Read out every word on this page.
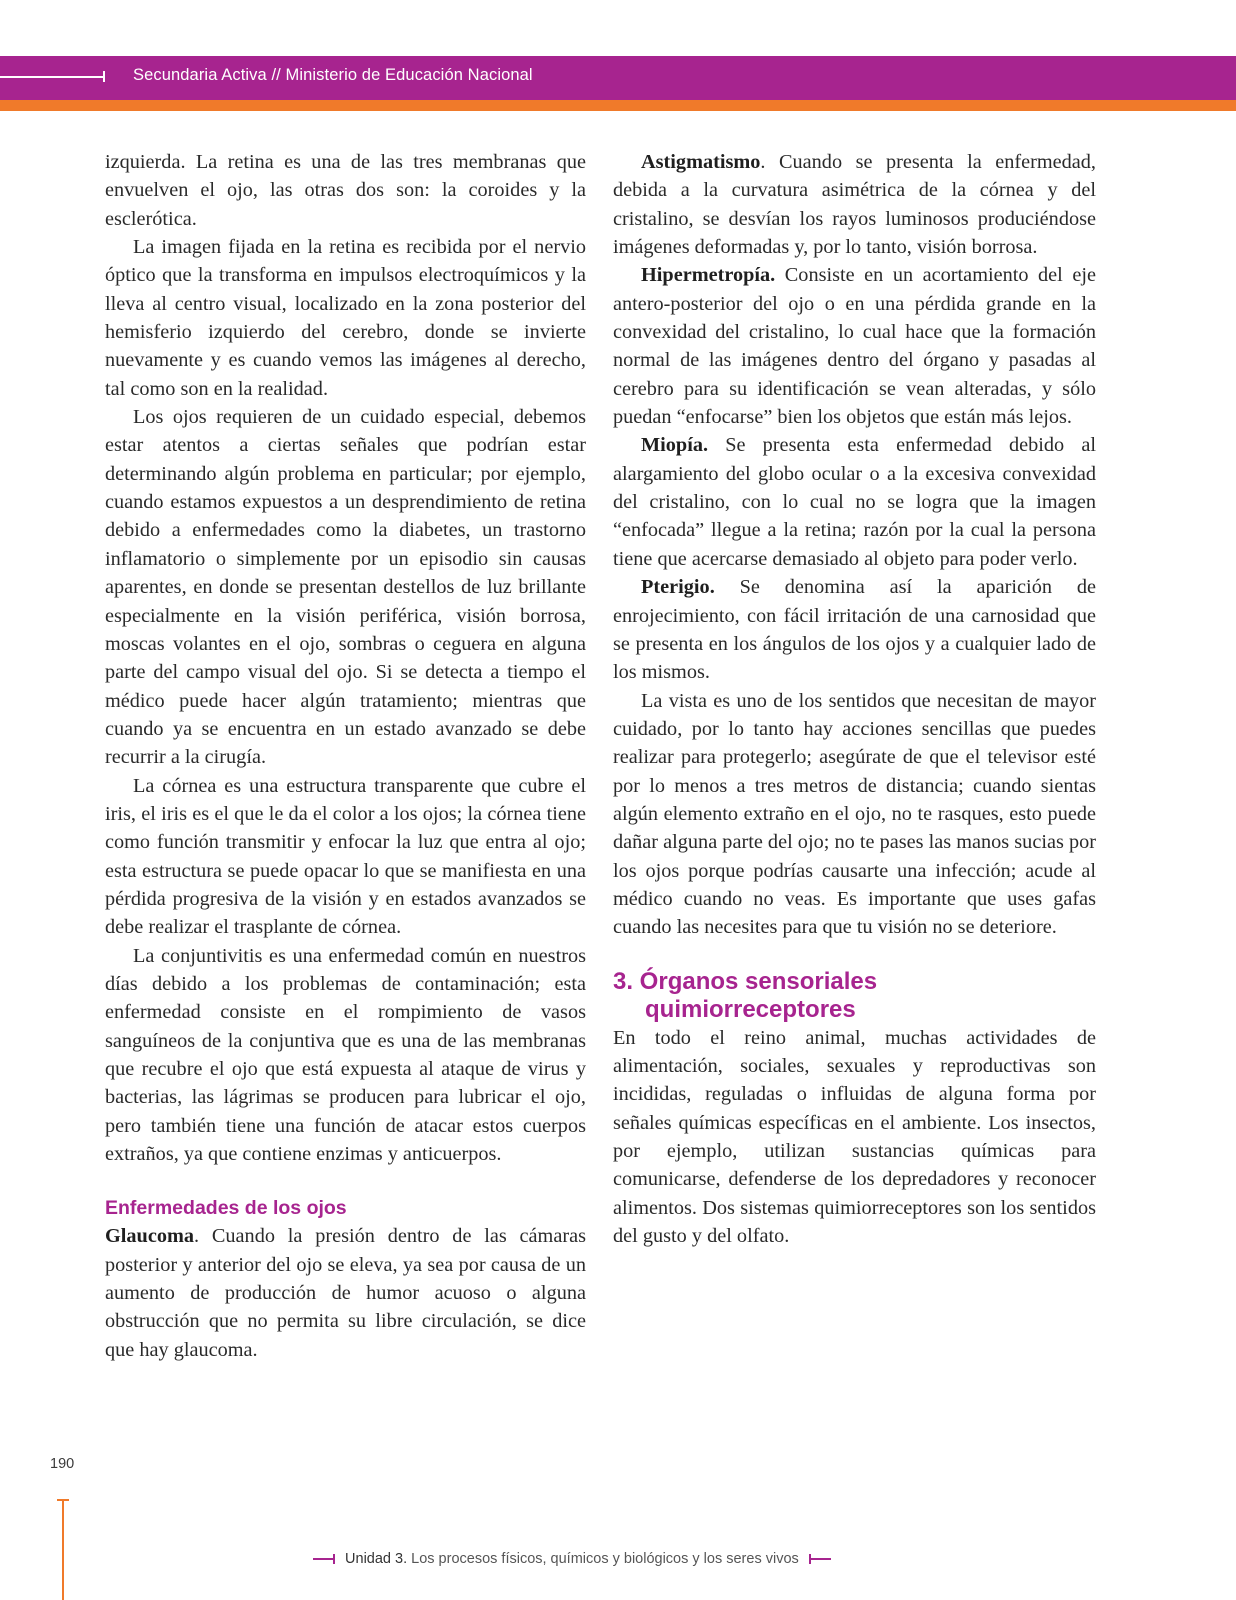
Secundaria Activa // Ministerio de Educación Nacional

izquierda. La retina es una de las tres membranas que envuelven el ojo, las otras dos son: la coroides y la esclerótica.

La imagen fijada en la retina es recibida por el nervio óptico que la transforma en impulsos electroquímicos y la lleva al centro visual, localizado en la zona posterior del hemisferio izquierdo del cerebro, donde se invierte nuevamente y es cuando vemos las imágenes al derecho, tal como son en la realidad.

Los ojos requieren de un cuidado especial, debemos estar atentos a ciertas señales que podrían estar determinando algún problema en particular; por ejemplo, cuando estamos expuestos a un desprendimiento de retina debido a enfermedades como la diabetes, un trastorno inflamatorio o simplemente por un episodio sin causas aparentes, en donde se presentan destellos de luz brillante especialmente en la visión periférica, visión borrosa, moscas volantes en el ojo, sombras o ceguera en alguna parte del campo visual del ojo. Si se detecta a tiempo el médico puede hacer algún tratamiento; mientras que cuando ya se encuentra en un estado avanzado se debe recurrir a la cirugía.

La córnea es una estructura transparente que cubre el iris, el iris es el que le da el color a los ojos; la córnea tiene como función transmitir y enfocar la luz que entra al ojo; esta estructura se puede opacar lo que se manifiesta en una pérdida progresiva de la visión y en estados avanzados se debe realizar el trasplante de córnea.

La conjuntivitis es una enfermedad común en nuestros días debido a los problemas de contaminación; esta enfermedad consiste en el rompimiento de vasos sanguíneos de la conjuntiva que es una de las membranas que recubre el ojo que está expuesta al ataque de virus y bacterias, las lágrimas se producen para lubricar el ojo, pero también tiene una función de atacar estos cuerpos extraños, ya que contiene enzimas y anticuerpos.

Enfermedades de los ojos

Glaucoma. Cuando la presión dentro de las cámaras posterior y anterior del ojo se eleva, ya sea por causa de un aumento de producción de humor acuoso o alguna obstrucción que no permita su libre circulación, se dice que hay glaucoma.

Astigmatismo. Cuando se presenta la enfermedad, debida a la curvatura asimétrica de la córnea y del cristalino, se desvían los rayos luminosos produciéndose imágenes deformadas y, por lo tanto, visión borrosa.

Hipermetropía. Consiste en un acortamiento del eje antero-posterior del ojo o en una pérdida grande en la convexidad del cristalino, lo cual hace que la formación normal de las imágenes dentro del órgano y pasadas al cerebro para su identificación se vean alteradas, y sólo puedan “enfocarse” bien los objetos que están más lejos.

Miopía. Se presenta esta enfermedad debido al alargamiento del globo ocular o a la excesiva convexidad del cristalino, con lo cual no se logra que la imagen “enfocada” llegue a la retina; razón por la cual la persona tiene que acercarse demasiado al objeto para poder verlo.

Pterigio. Se denomina así la aparición de enrojecimiento, con fácil irritación de una carnosidad que se presenta en los ángulos de los ojos y a cualquier lado de los mismos.

La vista es uno de los sentidos que necesitan de mayor cuidado, por lo tanto hay acciones sencillas que puedes realizar para protegerlo; asegúrate de que el televisor esté por lo menos a tres metros de distancia; cuando sientas algún elemento extraño en el ojo, no te rasques, esto puede dañar alguna parte del ojo; no te pases las manos sucias por los ojos porque podrías causarte una infección; acude al médico cuando no veas. Es importante que uses gafas cuando las necesites para que tu visión no se deteriore.

3. Órganos sensoriales
quimiorreceptores

En todo el reino animal, muchas actividades de alimentación, sociales, sexuales y reproductivas son incididas, reguladas o influidas de alguna forma por señales químicas específicas en el ambiente. Los insectos, por ejemplo, utilizan sustancias químicas para comunicarse, defenderse de los depredadores y reconocer alimentos. Dos sistemas quimiorreceptores son los sentidos del gusto y del olfato.

190
Unidad 3. Los procesos físicos, químicos y biológicos y los seres vivos
